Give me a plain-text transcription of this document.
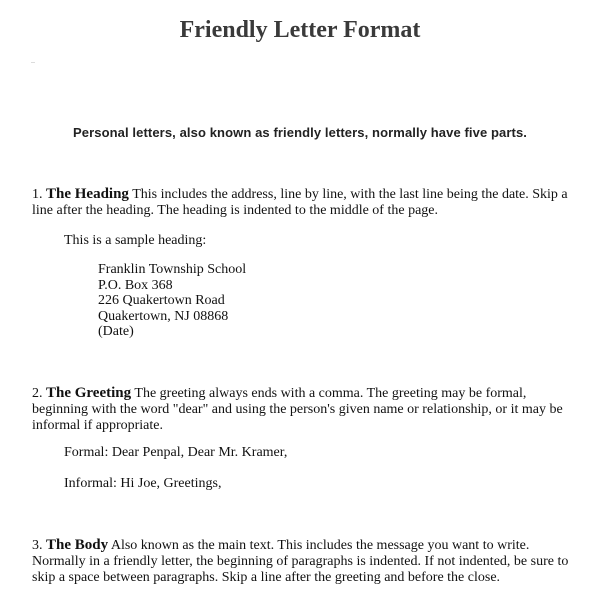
Friendly Letter Format

Personal letters, also known as friendly letters, normally have five parts.

1. The Heading This includes the address, line by line, with the last line being the date. Skip a line after the heading. The heading is indented to the middle of the page.

This is a sample heading:

Franklin Township School
P.O. Box 368
226 Quakertown Road
Quakertown, NJ 08868
(Date)

2. The Greeting The greeting always ends with a comma. The greeting may be formal, beginning with the word "dear" and using the person's given name or relationship, or it may be informal if appropriate.

Formal: Dear Penpal, Dear Mr. Kramer,

Informal: Hi Joe, Greetings,

3. The Body Also known as the main text. This includes the message you want to write. Normally in a friendly letter, the beginning of paragraphs is indented. If not indented, be sure to skip a space between paragraphs. Skip a line after the greeting and before the close.
